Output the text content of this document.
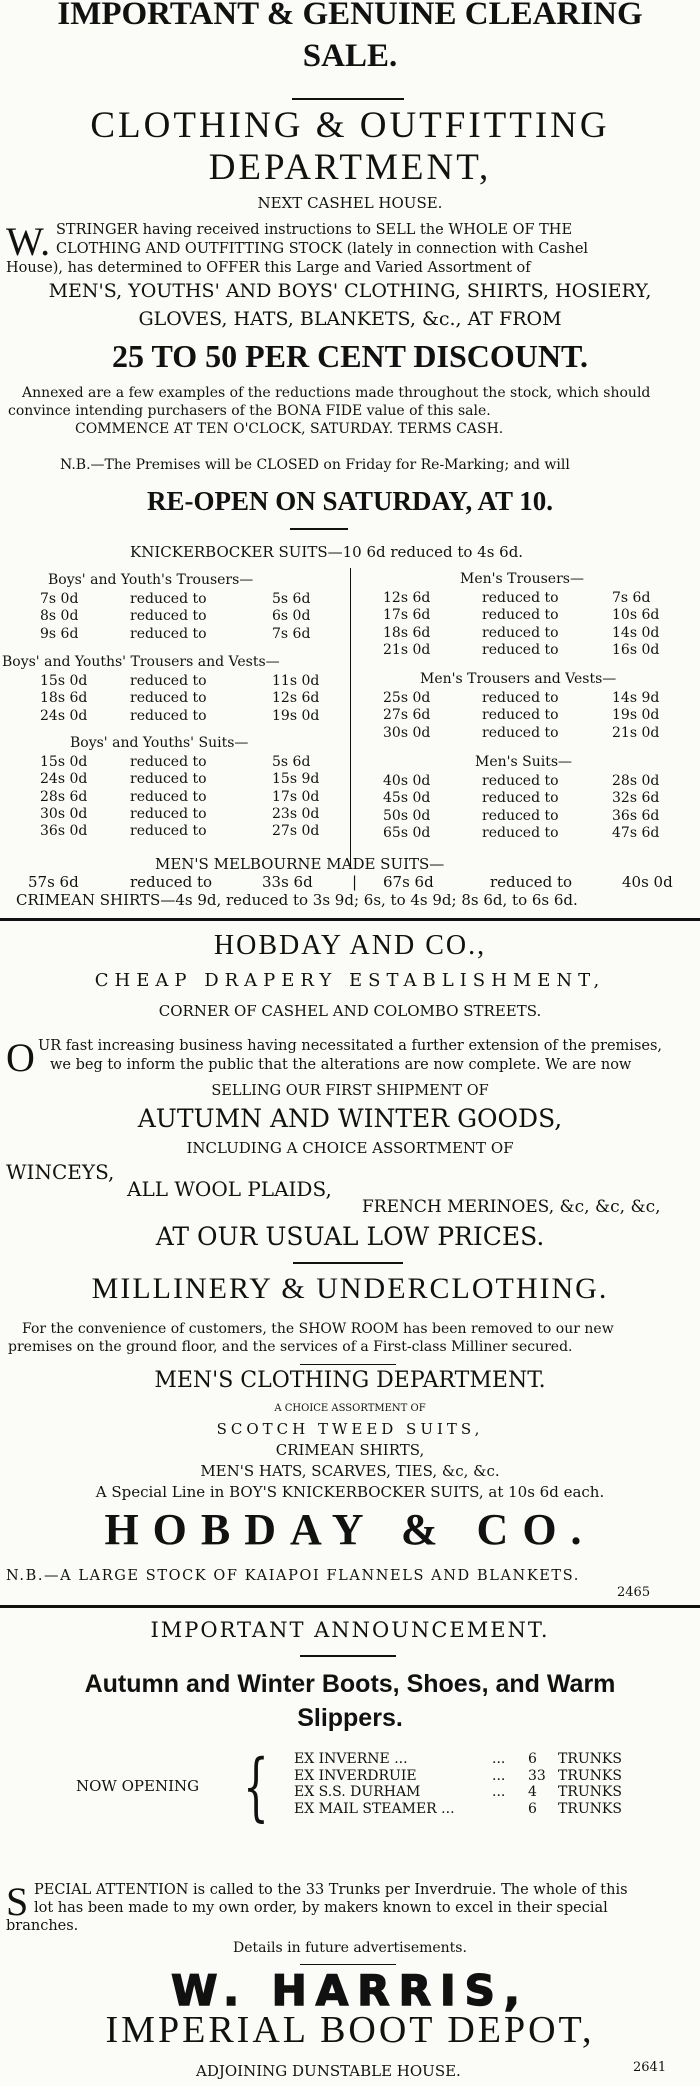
IMPORTANT & GENUINE CLEARING
SALE.
CLOTHING & OUTFITTING
DEPARTMENT,
NEXT CASHEL HOUSE.
W. STRINGER having received instructions to SELL the WHOLE OF THE
CLOTHING AND OUTFITTING STOCK (lately in connection with Cashel
House), has determined to OFFER this Large and Varied Assortment of
MEN'S, YOUTHS' AND BOYS' CLOTHING, SHIRTS, HOSIERY,
GLOVES, HATS, BLANKETS, &c., AT FROM
25 TO 50 PER CENT DISCOUNT.
Annexed are a few examples of the reductions made throughout the stock, which should
convince intending purchasers of the BONA FIDE value of this sale.
COMMENCE AT TEN O'CLOCK, SATURDAY. TERMS CASH.
N.B.—The Premises will be CLOSED on Friday for Re-Marking; and will
RE-OPEN ON SATURDAY, AT 10.
KNICKERBOCKER SUITS—10 6d reduced to 4s 6d.
Boys' and Youth's Trousers—
7s 0d	reduced to	5s 6d
8s 0d	reduced to	6s 0d
9s 6d	reduced to	7s 6d
Boys' and Youths' Trousers and Vests—
15s 0d	reduced to	11s 0d
18s 6d	reduced to	12s 6d
24s 0d	reduced to	19s 0d
Boys' and Youths' Suits—
15s 0d	reduced to	5s 6d
24s 0d	reduced to	15s 9d
28s 6d	reduced to	17s 0d
30s 0d	reduced to	23s 0d
36s 0d	reduced to	27s 0d
Men's Trousers—
12s 6d	reduced to	7s 6d
17s 6d	reduced to	10s 6d
18s 6d	reduced to	14s 0d
21s 0d	reduced to	16s 0d
Men's Trousers and Vests—
25s 0d	reduced to	14s 9d
27s 6d	reduced to	19s 0d
30s 0d	reduced to	21s 0d
Men's Suits—
40s 0d	reduced to	28s 0d
45s 0d	reduced to	32s 6d
50s 0d	reduced to	36s 6d
65s 0d	reduced to	47s 6d
MEN'S MELBOURNE MADE SUITS—
57s 6d	reduced to	33s 6d	| 67s 6d	reduced to	40s 0d
CRIMEAN SHIRTS—4s 9d, reduced to 3s 9d; 6s, to 4s 9d; 8s 6d, to 6s 6d.
HOBDAY AND CO.,
CHEAP DRAPERY ESTABLISHMENT,
CORNER OF CASHEL AND COLOMBO STREETS.
O UR fast increasing business having necessitated a further extension of the premises,
we beg to inform the public that the alterations are now complete. We are now
SELLING OUR FIRST SHIPMENT OF
AUTUMN AND WINTER GOODS,
INCLUDING A CHOICE ASSORTMENT OF
WINCEYS,
ALL WOOL PLAIDS,
FRENCH MERINOES, &c, &c, &c,
AT OUR USUAL LOW PRICES.
MILLINERY & UNDERCLOTHING.
For the convenience of customers, the SHOW ROOM has been removed to our new
premises on the ground floor, and the services of a First-class Milliner secured.
MEN'S CLOTHING DEPARTMENT.
A CHOICE ASSORTMENT OF
SCOTCH TWEED SUITS,
CRIMEAN SHIRTS,
MEN'S HATS, SCARVES, TIES, &c, &c.
A Special Line in BOY'S KNICKERBOCKER SUITS, at 10s 6d each.
HOBDAY & CO.
N.B.—A LARGE STOCK OF KAIAPOI FLANNELS AND BLANKETS.
2465
IMPORTANT ANNOUNCEMENT.
Autumn and Winter Boots, Shoes, and Warm
Slippers.
NOW OPENING { EX INVERNE ...	... 6 TRUNKS
EX INVERDRUIE	... 33 TRUNKS
EX S.S. DURHAM	... 4 TRUNKS
EX MAIL STEAMER ...	6 TRUNKS
S PECIAL ATTENTION is called to the 33 Trunks per Inverdruie. The whole of this
lot has been made to my own order, by makers known to excel in their special
branches.
Details in future advertisements.
W. HARRIS,
IMPERIAL BOOT DEPOT,
ADJOINING DUNSTABLE HOUSE.	2641
